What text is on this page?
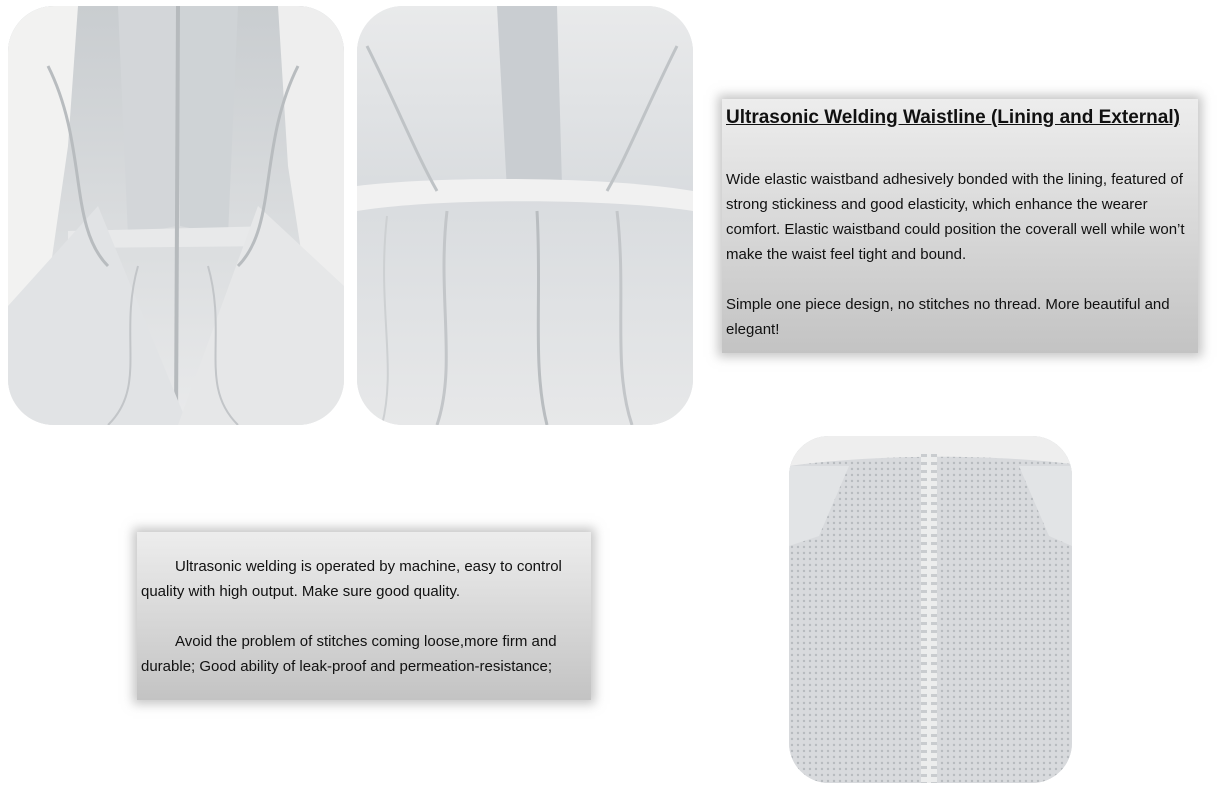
Ultrasonic Welding Waistline (Lining and External)

Wide elastic waistband adhesively bonded with the lining, featured of strong stickiness and good elasticity, which enhance the wearer comfort. Elastic waistband could position the coverall well while won’t make the waist feel tight and bound.

Simple one piece design, no stitches no thread. More beautiful and elegant!

Ultrasonic welding is operated by machine, easy to control quality with high output. Make sure good quality.

Avoid the problem of stitches coming loose,more firm and durable; Good ability of leak-proof and permeation-resistance;
